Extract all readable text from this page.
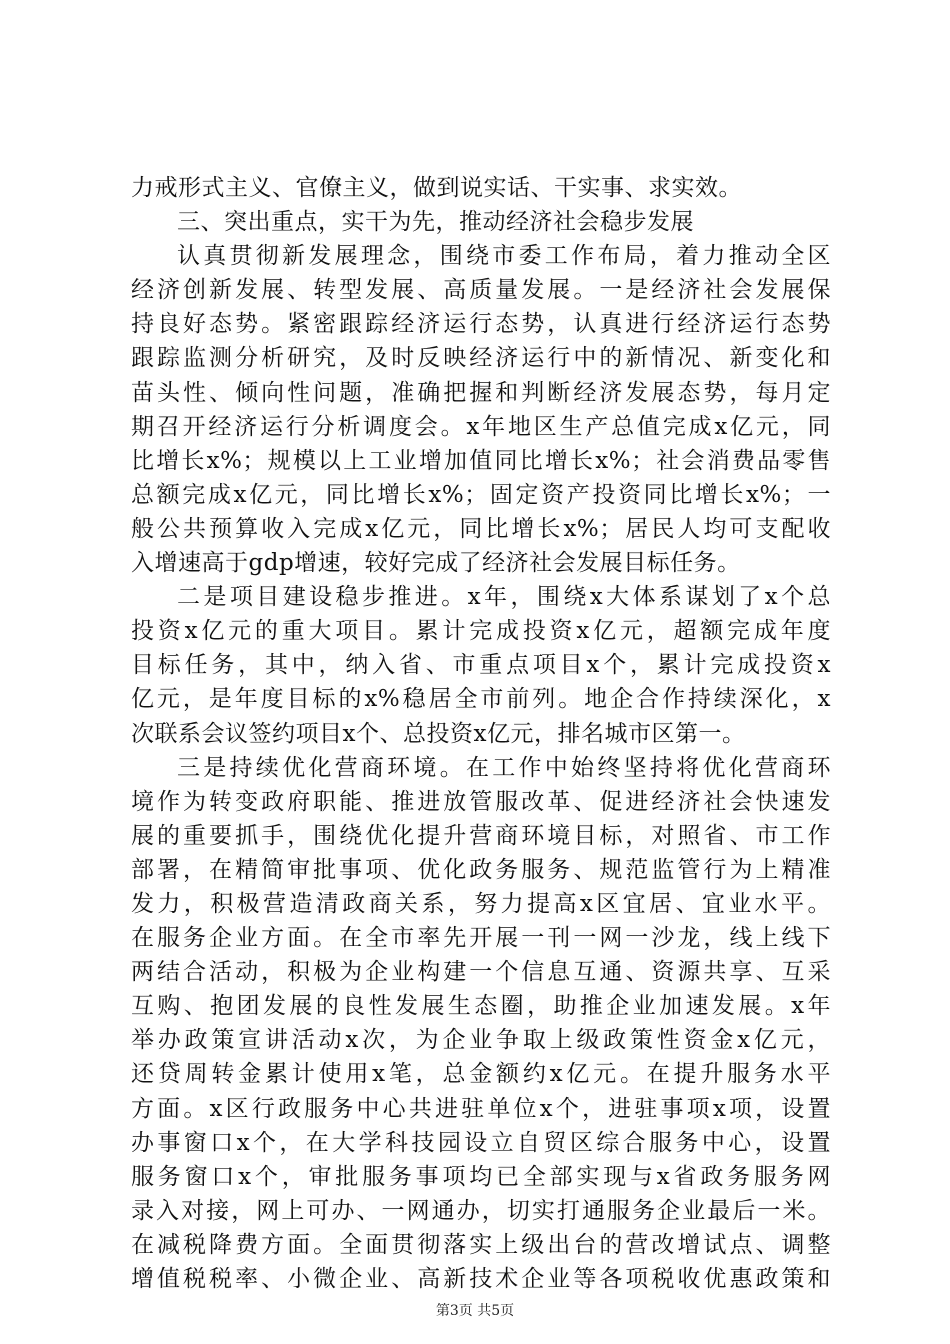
力戒形式主义、官僚主义，做到说实话、干实事、求实效。
三、突出重点，实干为先，推动经济社会稳步发展
认真贯彻新发展理念，围绕市委工作布局，着力推动全区
经济创新发展、转型发展、高质量发展。一是经济社会发展保
持良好态势。紧密跟踪经济运行态势，认真进行经济运行态势
跟踪监测分析研究，及时反映经济运行中的新情况、新变化和
苗头性、倾向性问题，准确把握和判断经济发展态势，每月定
期召开经济运行分析调度会。x年地区生产总值完成x亿元，同
比增长x%；规模以上工业增加值同比增长x%；社会消费品零售
总额完成x亿元，同比增长x%；固定资产投资同比增长x%；一
般公共预算收入完成x亿元，同比增长x%；居民人均可支配收
入增速高于gdp增速，较好完成了经济社会发展目标任务。
二是项目建设稳步推进。x年，围绕x大体系谋划了x个总
投资x亿元的重大项目。累计完成投资x亿元，超额完成年度
目标任务，其中，纳入省、市重点项目x个，累计完成投资x
亿元，是年度目标的x%稳居全市前列。地企合作持续深化，x
次联系会议签约项目x个、总投资x亿元，排名城市区第一。
三是持续优化营商环境。在工作中始终坚持将优化营商环
境作为转变政府职能、推进放管服改革、促进经济社会快速发
展的重要抓手，围绕优化提升营商环境目标，对照省、市工作
部署，在精简审批事项、优化政务服务、规范监管行为上精准
发力，积极营造清政商关系，努力提高x区宜居、宜业水平。
在服务企业方面。在全市率先开展一刊一网一沙龙，线上线下
两结合活动，积极为企业构建一个信息互通、资源共享、互采
互购、抱团发展的良性发展生态圈，助推企业加速发展。x年
举办政策宣讲活动x次，为企业争取上级政策性资金x亿元，
还贷周转金累计使用x笔，总金额约x亿元。在提升服务水平
方面。x区行政服务中心共进驻单位x个，进驻事项x项，设置
办事窗口x个，在大学科技园设立自贸区综合服务中心，设置
服务窗口x个，审批服务事项均已全部实现与x省政务服务网
录入对接，网上可办、一网通办，切实打通服务企业最后一米。
在减税降费方面。全面贯彻落实上级出台的营改增试点、调整
增值税税率、小微企业、高新技术企业等各项税收优惠政策和
第3页 共5页
